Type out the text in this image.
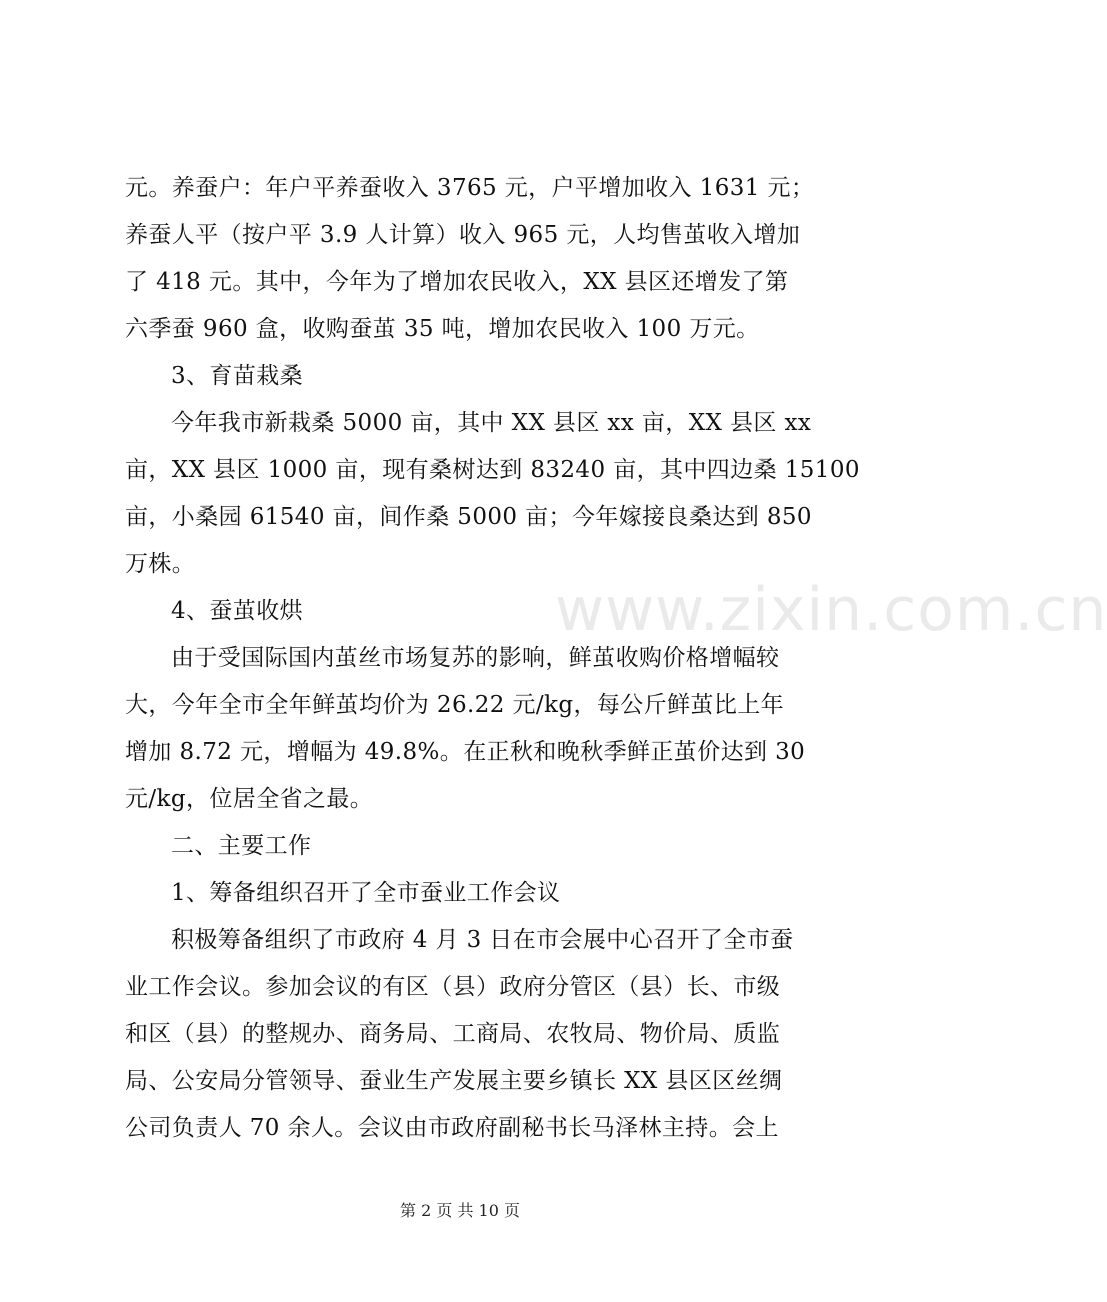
www.zixin.com.cn
元。养蚕户：年户平养蚕收入 3765 元，户平增加收入 1631 元；
养蚕人平（按户平 3.9 人计算）收入 965 元，人均售茧收入增加
了 418 元。其中，今年为了增加农民收入，XX 县区还增发了第
六季蚕 960 盒，收购蚕茧 35 吨，增加农民收入 100 万元。
3、育苗栽桑
今年我市新栽桑 5000 亩，其中 XX 县区 xx 亩，XX 县区 xx
亩，XX 县区 1000 亩，现有桑树达到 83240 亩，其中四边桑 15100
亩，小桑园 61540 亩，间作桑 5000 亩；今年嫁接良桑达到 850
万株。
4、蚕茧收烘
由于受国际国内茧丝市场复苏的影响，鲜茧收购价格增幅较
大，今年全市全年鲜茧均价为 26.22 元/kg，每公斤鲜茧比上年
增加 8.72 元，增幅为 49.8%。在正秋和晚秋季鲜正茧价达到 30
元/kg，位居全省之最。
二、主要工作
1、筹备组织召开了全市蚕业工作会议
积极筹备组织了市政府 4 月 3 日在市会展中心召开了全市蚕
业工作会议。参加会议的有区（县）政府分管区（县）长、市级
和区（县）的整规办、商务局、工商局、农牧局、物价局、质监
局、公安局分管领导、蚕业生产发展主要乡镇长 XX 县区区丝绸
公司负责人 70 余人。会议由市政府副秘书长马泽林主持。会上
第 2 页 共 10 页
